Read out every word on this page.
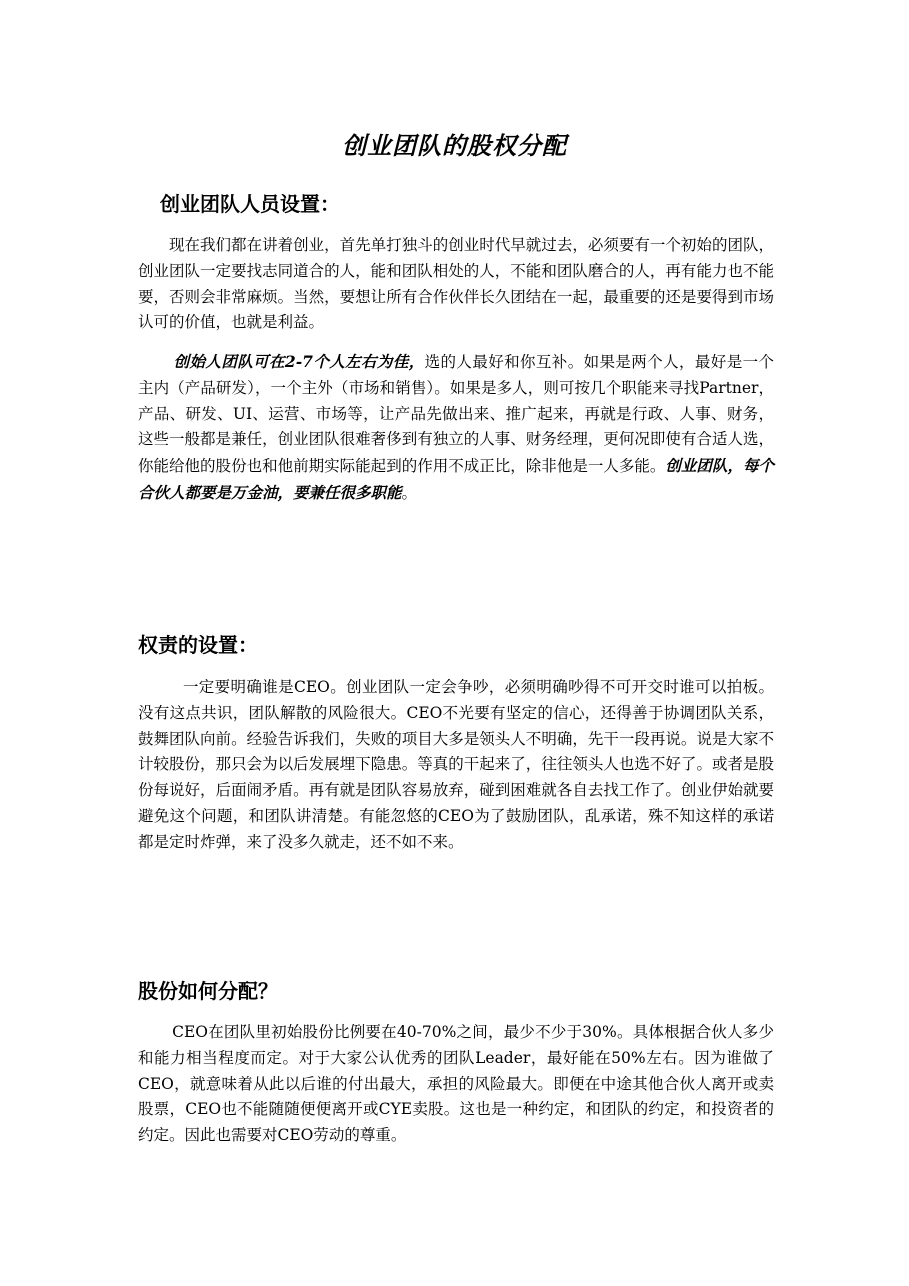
创业团队的股权分配
创业团队人员设置：

现在我们都在讲着创业，首先单打独斗的创业时代早就过去，必须要有一个初始的团队，创业团队一定要找志同道合的人，能和团队相处的人，不能和团队磨合的人，再有能力也不能要，否则会非常麻烦。当然，要想让所有合作伙伴长久团结在一起，最重要的还是要得到市场认可的价值，也就是利益。

创始人团队可在2-7个人左右为佳，选的人最好和你互补。如果是两个人，最好是一个主内（产品研发），一个主外（市场和销售）。如果是多人，则可按几个职能来寻找Partner，产品、研发、UI、运营、市场等，让产品先做出来、推广起来，再就是行政、人事、财务，这些一般都是兼任，创业团队很难奢侈到有独立的人事、财务经理，更何况即使有合适人选，你能给他的股份也和他前期实际能起到的作用不成正比，除非他是一人多能。创业团队，每个合伙人都要是万金油，要兼任很多职能。

权责的设置：

一定要明确谁是CEO。创业团队一定会争吵，必须明确吵得不可开交时谁可以拍板。没有这点共识，团队解散的风险很大。CEO不光要有坚定的信心，还得善于协调团队关系，鼓舞团队向前。经验告诉我们，失败的项目大多是领头人不明确，先干一段再说。说是大家不计较股份，那只会为以后发展埋下隐患。等真的干起来了，往往领头人也选不好了。或者是股份每说好，后面闹矛盾。再有就是团队容易放弃，碰到困难就各自去找工作了。创业伊始就要避免这个问题，和团队讲清楚。有能忽悠的CEO为了鼓励团队，乱承诺，殊不知这样的承诺都是定时炸弹，来了没多久就走，还不如不来。

股份如何分配？

CEO在团队里初始股份比例要在40-70%之间，最少不少于30%。具体根据合伙人多少和能力相当程度而定。对于大家公认优秀的团队Leader，最好能在50%左右。因为谁做了CEO，就意味着从此以后谁的付出最大，承担的风险最大。即便在中途其他合伙人离开或卖股票，CEO也不能随随便便离开或CYE卖股。这也是一种约定，和团队的约定，和投资者的约定。因此也需要对CEO劳动的尊重。
